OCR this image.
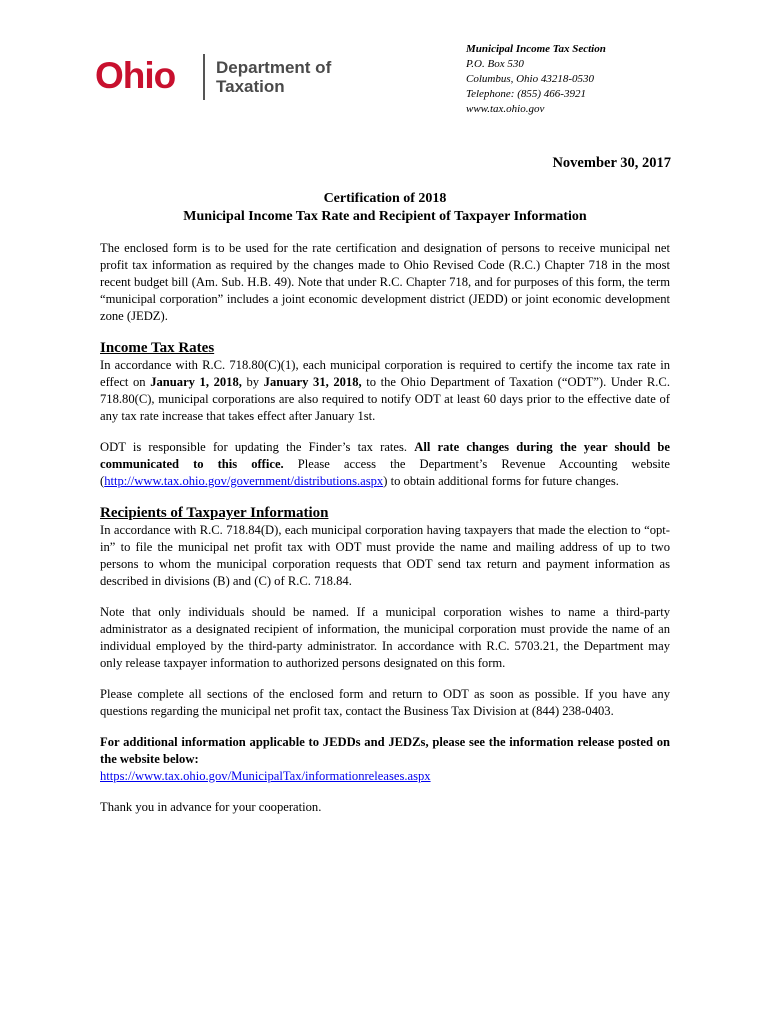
Ohio Department of
Taxation
Municipal Income Tax Section
P.O. Box 530
Columbus, Ohio 43218-0530
Telephone: (855) 466-3921
www.tax.ohio.gov
November 30, 2017
Certification of 2018
Municipal Income Tax Rate and Recipient of Taxpayer Information

The enclosed form is to be used for the rate certification and designation of persons to receive municipal net profit tax information as required by the changes made to Ohio Revised Code (R.C.) Chapter 718 in the most recent budget bill (Am. Sub. H.B. 49). Note that under R.C. Chapter 718, and for purposes of this form, the term “municipal corporation” includes a joint economic development district (JEDD) or joint economic development zone (JEDZ).

Income Tax Rates

In accordance with R.C. 718.80(C)(1), each municipal corporation is required to certify the income tax rate in effect on January 1, 2018, by January 31, 2018, to the Ohio Department of Taxation (“ODT”). Under R.C. 718.80(C), municipal corporations are also required to notify ODT at least 60 days prior to the effective date of any tax rate increase that takes effect after January 1st.

ODT is responsible for updating the Finder’s tax rates. All rate changes during the year should be communicated to this office. Please access the Department’s Revenue Accounting website (http://www.tax.ohio.gov/government/distributions.aspx) to obtain additional forms for future changes.

Recipients of Taxpayer Information

In accordance with R.C. 718.84(D), each municipal corporation having taxpayers that made the election to “opt-in” to file the municipal net profit tax with ODT must provide the name and mailing address of up to two persons to whom the municipal corporation requests that ODT send tax return and payment information as described in divisions (B) and (C) of R.C. 718.84.

Note that only individuals should be named. If a municipal corporation wishes to name a third-party administrator as a designated recipient of information, the municipal corporation must provide the name of an individual employed by the third-party administrator. In accordance with R.C. 5703.21, the Department may only release taxpayer information to authorized persons designated on this form.

Please complete all sections of the enclosed form and return to ODT as soon as possible. If you have any questions regarding the municipal net profit tax, contact the Business Tax Division at (844) 238-0403.

For additional information applicable to JEDDs and JEDZs, please see the information release posted on the website below:

https://www.tax.ohio.gov/MunicipalTax/informationreleases.aspx

Thank you in advance for your cooperation.
